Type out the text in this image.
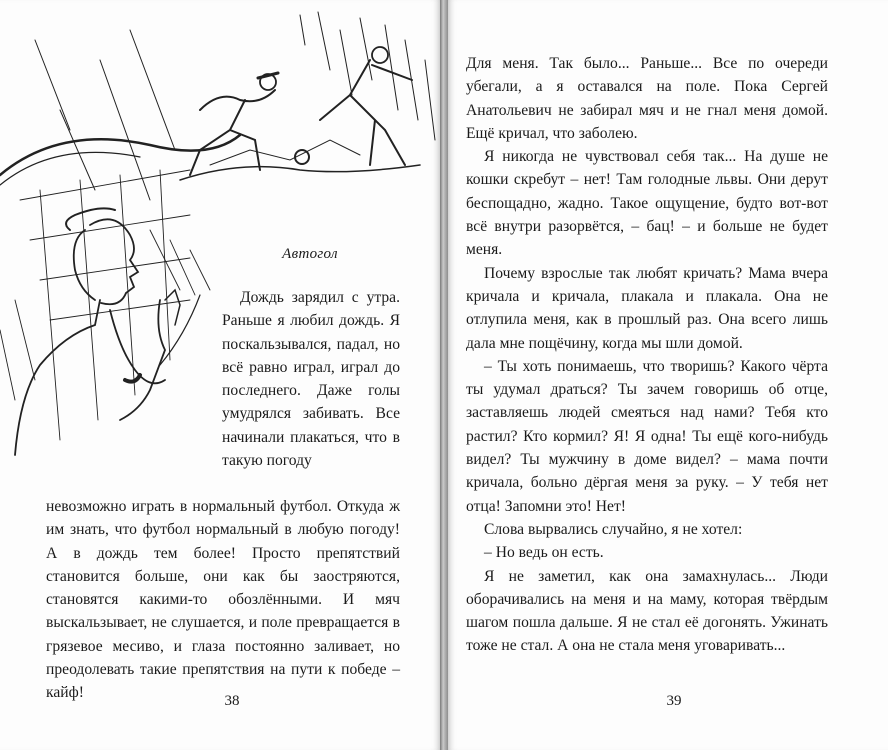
Автогол

Дождь зарядил с утра. Раньше я любил дождь. Я поскальзывался, падал, но всё равно играл, играл до последнего. Даже голы умудрялся забивать. Все начинали плакаться, что в такую погоду

невозможно играть в нормальный футбол. Откуда ж им знать, что футбол нормальный в любую погоду! А в дождь тем более! Просто препятствий становится больше, они как бы заостряются, становятся какими-то обозлёнными. И мяч выскальзывает, не слушается, и поле превращается в грязевое месиво, и глаза постоянно заливает, но преодолевать такие препятствия на пути к победе – кайф!	38

Для меня. Так было... Раньше... Все по очереди убегали, а я оставался на поле. Пока Сергей Анатольевич не забирал мяч и не гнал меня домой. Ещё кричал, что заболею.

Я никогда не чувствовал себя так... На душе не кошки скребут – нет! Там голодные львы. Они дерут беспощадно, жадно. Такое ощущение, будто вот-вот всё внутри разорвётся, – бац! – и больше не будет меня.

Почему взрослые так любят кричать? Мама вчера кричала и кричала, плакала и плакала. Она не отлупила меня, как в прошлый раз. Она всего лишь дала мне пощёчину, когда мы шли домой.

– Ты хоть понимаешь, что творишь? Какого чёрта ты удумал драться? Ты зачем говоришь об отце, заставляешь людей смеяться над нами? Тебя кто растил? Кто кормил? Я! Я одна! Ты ещё кого-нибудь видел? Ты мужчину в доме видел? – мама почти кричала, больно дёргая меня за руку. – У тебя нет отца! Запомни это! Нет!

Слова вырвались случайно, я не хотел:

– Но ведь он есть.

Я не заметил, как она замахнулась... Люди оборачивались на меня и на маму, которая твёрдым шагом пошла дальше. Я не стал её догонять. Ужинать тоже не стал. А она не стала меня уговаривать...

39
